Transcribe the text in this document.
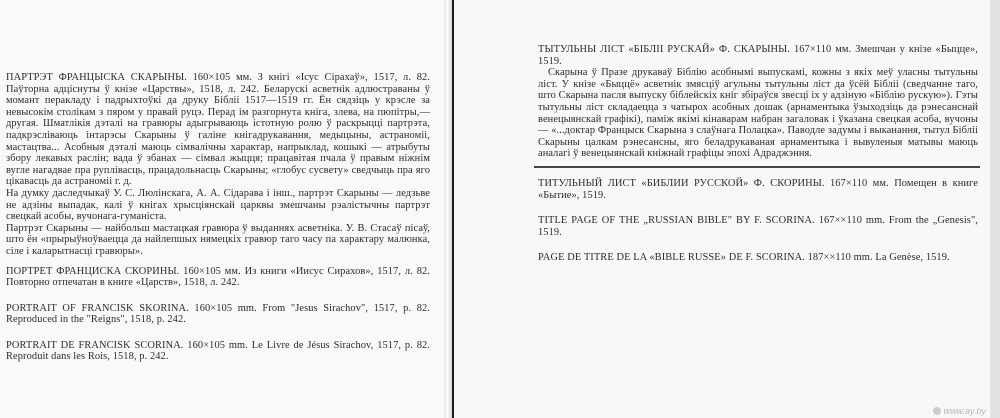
ПАРТРЭТ ФРАНЦЫСКА СКАРЫНЫ. 160×105 мм. З кнігі «Ісус Сірахаў», 1517, л. 82. Паўторна адціснуты ў кнізе «Царствы», 1518, л. 242. Беларускі асветнік адлюстраваны ў момант перакладу і падрыхтоўкі да друку Бібліі 1517—1519 гг. Ён сядзіць у крэсле за невысокім столікам з пяром у правай руцэ. Перад ім разгорнута кніга, злева, на пюпітры,— другая. Шматлікія дэталі на гравюры адыгрываюць істотную ролю ў раскрыцці партрэта, падкрэсліваюць інтарэсы Скарыны ў галіне кнігадрукавання, медыцыны, астраноміі, мастацтва... Асобныя дэталі маюць сімвалічны характар, напрыклад, кошыкі — атрыбуты збору лекавых раслін; вада ў збанах — сімвал жыцця; працавітая пчала ў правым ніжнім вугле нагадвае пра руплівасць, працадольнасць Скарыны; «глобус сусвету» сведчыць пра яго цікавасць да астраноміі г. д.

На думку даследчыкаў У. С. Люлінскага, А. А. Сідарава і інш., партрэт Скарыны — ледзьве не адзіны выпадак, калі ў кнігах хрысціянскай царквы змешчаны рэалістычны партрэт свецкай асобы, вучонага-гуманіста.

Партрэт Скарыны — найбольш мастацкая гравюра ў выданнях асветніка. У. В. Стасаў пісаў, што ён «прырыўноўваецца да найлепшых нямецкіх гравюр таго часу па характару малюнка, сіле і каларытнасці гравюры».

ПОРТРЕТ ФРАНЦИСКА СКОРИНЫ. 160×105 мм. Из книги «Иисус Сирахов», 1517, л. 82. Повторно отпечатан в книге «Царств», 1518, л. 242.

PORTRAIT OF FRANCISK SKORINA. 160×105 mm. From "Jesus Sirachov", 1517, p. 82. Reproduced in the "Reigns", 1518, p. 242.

PORTRAIT DE FRANCISK SCORINA. 160×105 mm. Le Livre de Jésus Sirachov, 1517, p. 82. Reproduit dans les Rois, 1518, p. 242.

ТЫТУЛЬНЫ ЛІСТ «БІБЛІІ РУСКАЙ» Ф. СКАРЫНЫ. 167×110 мм. Змешчан у кнізе «Быцце», 1519.

Скарына ў Празе друкаваў Біблію асобнымі выпускамі, кожны з якіх меў уласны тытульны ліст. У кнізе «Быццё» асветнік змясціў агульны тытульны ліст да ўсёй Бібліі (сведчанне таго, што Скарына пасля выпуску біблейскіх кніг збіраўся звесці іх у адзіную «Біблію рускую»). Гэты тытульны ліст складаецца з чатырох асобных дошак (арнаментыка ўзыходзіць да рэнесанснай венецыянскай графікі), паміж якімі кінаварам набран загаловак і ўказана свецкая асоба, вучоны — «...доктар Францыск Скарына з слаўнага Полацка». Паводле задумы і выканання, тытул Бібліі Скарыны цалкам рэнесансны, яго беладрукаваная арнаментыка і вывуленыя матывы маюць аналагі ў венецыянскай кніжнай графіцы эпохі Адраджэння.

ТИТУЛЬНЫЙ ЛИСТ «БИБЛИИ РУССКОЙ» Ф. СКОРИНЫ. 167×110 мм. Помещен в книге «Бытие», 1519.

TITLE PAGE OF THE „RUSSIAN BIBLE" BY F. SCORINA. 167××110 mm. From the „Genesis", 1519.

PAGE DE TITRE DE LA «BIBLE RUSSE» DE F. SCORINA. 187××110 mm. La Genèse, 1519.

www.ay.by
